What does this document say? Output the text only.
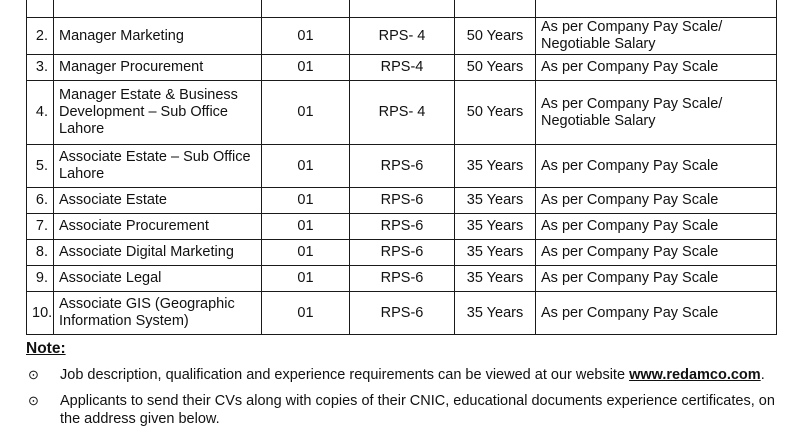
2.	Manager Marketing	01	RPS- 4	50 Years	As per Company Pay Scale/ Negotiable Salary
3.	Manager Procurement	01	RPS-4	50 Years	As per Company Pay Scale
4.	Manager Estate & Business
Development – Sub Office
Lahore	01	RPS- 4	50 Years	As per Company Pay Scale/ Negotiable Salary
5.	Associate Estate – Sub Office
Lahore	01	RPS-6	35 Years	As per Company Pay Scale
6.	Associate Estate	01	RPS-6	35 Years	As per Company Pay Scale
7.	Associate Procurement	01	RPS-6	35 Years	As per Company Pay Scale
8.	Associate Digital Marketing	01	RPS-6	35 Years	As per Company Pay Scale
9.	Associate Legal	01	RPS-6	35 Years	As per Company Pay Scale
10.	Associate GIS (Geographic
Information System)	01	RPS-6	35 Years	As per Company Pay Scale
Note:
⊙	Job description, qualification and experience requirements can be viewed at our website www.redamco.com.
⊙	Applicants to send their CVs along with copies of their CNIC, educational documents experience certificates, on the address given below.
